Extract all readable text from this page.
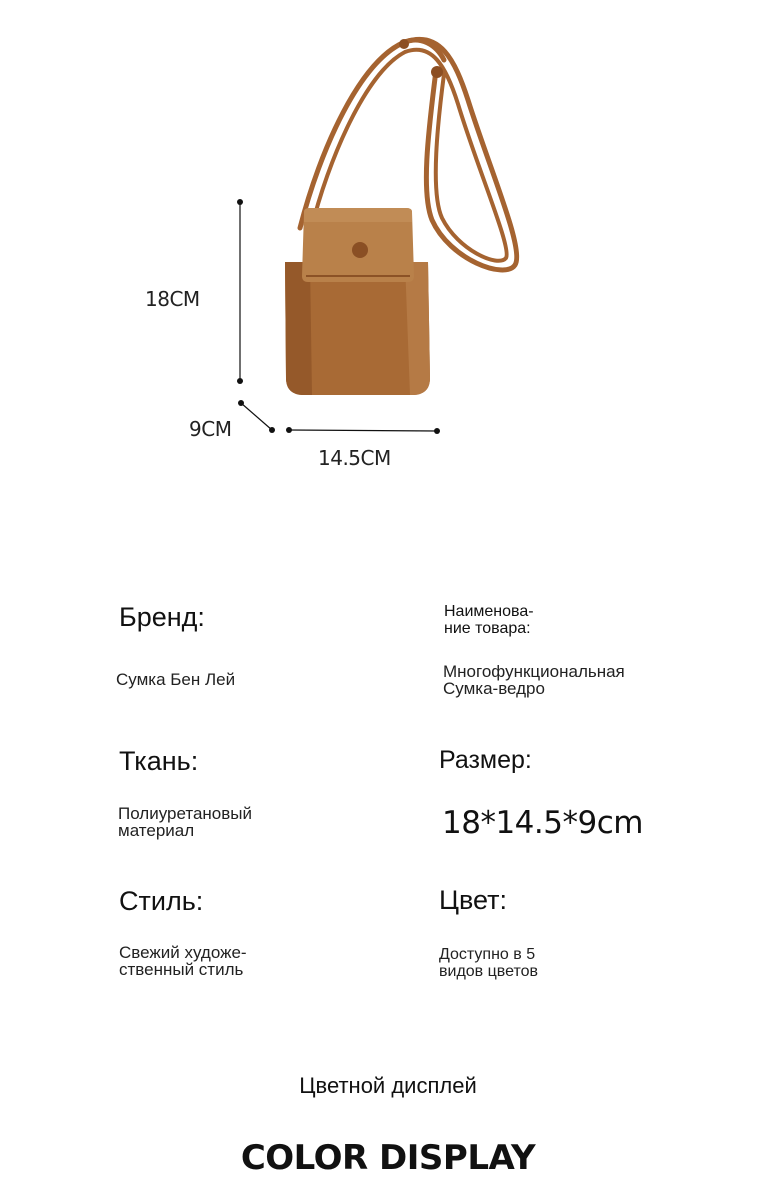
18CM
9CM
14.5CM
Бренд:
Сумка Бен Лей
Наименова-
ние товара:
Многофункциональная
Сумка-ведро
Ткань:
Полиуретановый
материал
Размер:
18*14.5*9cm
Стиль:
Свежий художе-
ственный стиль
Цвет:
Доступно в 5
видов цветов
Цветной дисплей
COLOR DISPLAY
